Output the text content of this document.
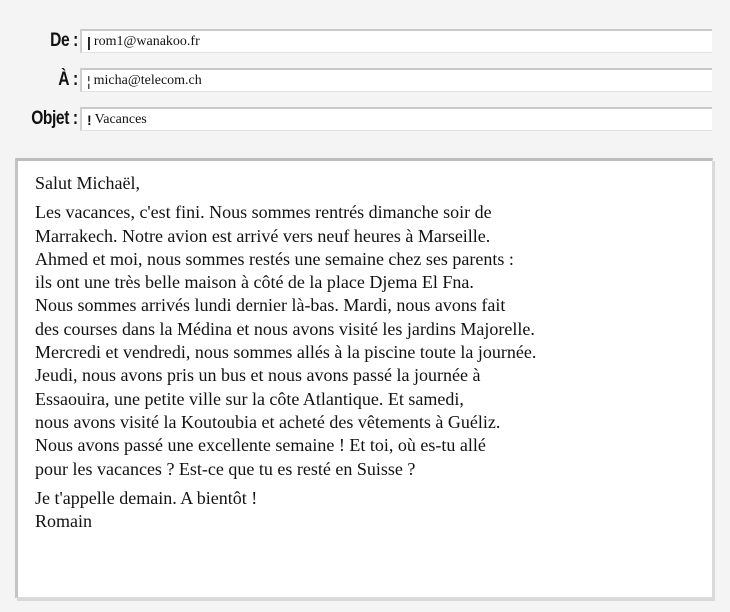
De : | rom1@wanakoo.fr
À : ¦ micha@telecom.ch
Objet : ! Vacances

Salut Michaël,

Les vacances, c'est fini. Nous sommes rentrés dimanche soir de

Marrakech. Notre avion est arrivé vers neuf heures à Marseille.

Ahmed et moi, nous sommes restés une semaine chez ses parents :

ils ont une très belle maison à côté de la place Djema El Fna.

Nous sommes arrivés lundi dernier là-bas. Mardi, nous avons fait

des courses dans la Médina et nous avons visité les jardins Majorelle.

Mercredi et vendredi, nous sommes allés à la piscine toute la journée.

Jeudi, nous avons pris un bus et nous avons passé la journée à

Essaouira, une petite ville sur la côte Atlantique. Et samedi,

nous avons visité la Koutoubia et acheté des vêtements à Guéliz.

Nous avons passé une excellente semaine ! Et toi, où es-tu allé

pour les vacances ? Est-ce que tu es resté en Suisse ?

Je t'appelle demain. A bientôt !

Romain
